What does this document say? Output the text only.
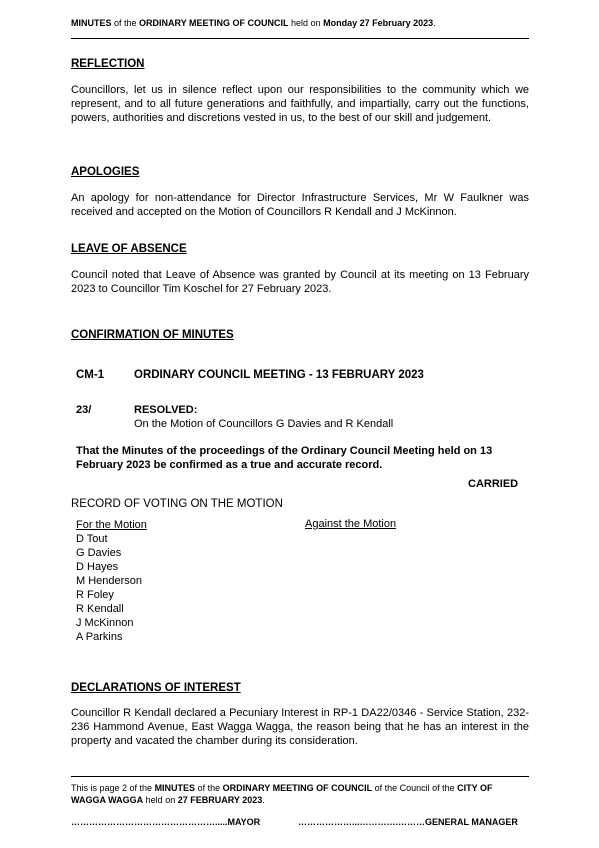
MINUTES of the ORDINARY MEETING OF COUNCIL held on Monday 27 February 2023.
REFLECTION
Councillors, let us in silence reflect upon our responsibilities to the community which we represent, and to all future generations and faithfully, and impartially, carry out the functions, powers, authorities and discretions vested in us, to the best of our skill and judgement.
APOLOGIES
An apology for non-attendance for Director Infrastructure Services, Mr W Faulkner was received and accepted on the Motion of Councillors R Kendall and J McKinnon.
LEAVE OF ABSENCE
Council noted that Leave of Absence was granted by Council at its meeting on 13 February 2023 to Councillor Tim Koschel for 27 February 2023.
CONFIRMATION OF MINUTES
CM-1	ORDINARY COUNCIL MEETING - 13 FEBRUARY 2023
23/	RESOLVED:
On the Motion of Councillors G Davies and R Kendall
That the Minutes of the proceedings of the Ordinary Council Meeting held on 13 February 2023 be confirmed as a true and accurate record.
CARRIED
RECORD OF VOTING ON THE MOTION
Against the Motion
For the Motion
D Tout
G Davies
D Hayes
M Henderson
R Foley
R Kendall
J McKinnon
A Parkins
DECLARATIONS OF INTEREST
Councillor R Kendall declared a Pecuniary Interest in RP-1 DA22/0346 - Service Station, 232-236 Hammond Avenue, East Wagga Wagga, the reason being that he has an interest in the property and vacated the chamber during its consideration.
This is page 2 of the MINUTES of the ORDINARY MEETING OF COUNCIL of the Council of the CITY OF WAGGA WAGGA held on 27 FEBRUARY 2023.
………………………………………….....MAYOR	………………...………….………GENERAL MANAGER
